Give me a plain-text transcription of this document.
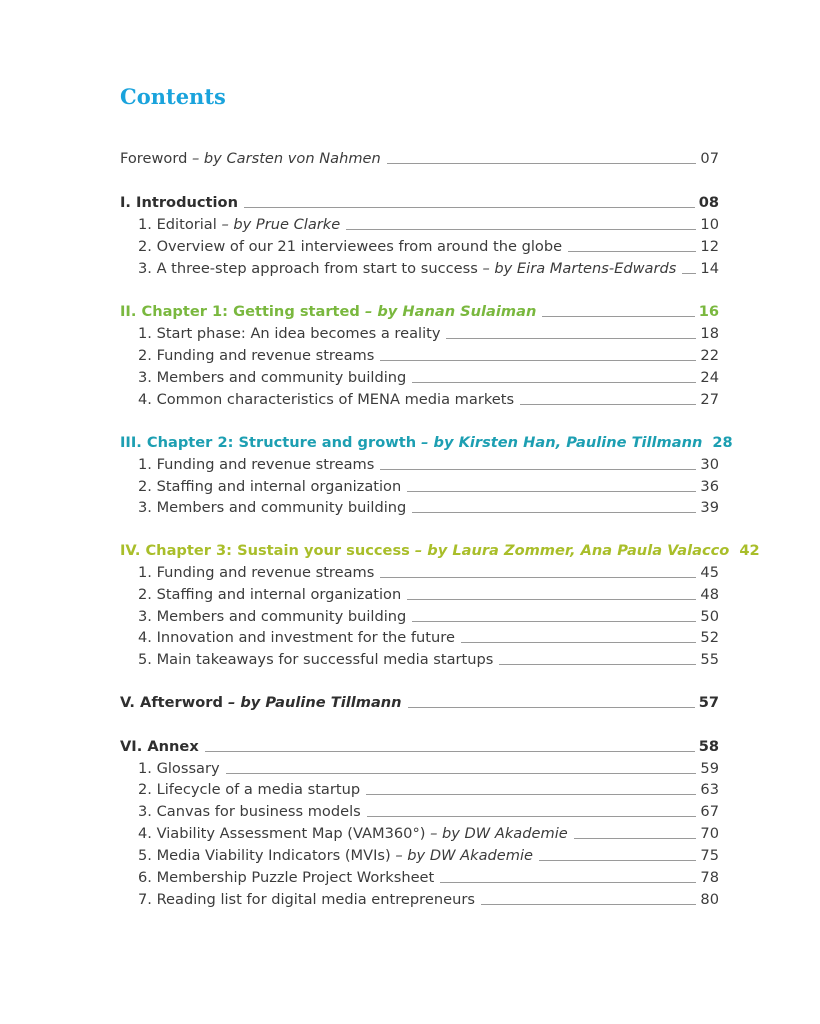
Contents
Foreword – by Carsten von Nahmen	07
I. Introduction	08
1. Editorial – by Prue Clarke	10
2. Overview of our 21 interviewees from around the globe	12
3. A three-step approach from start to success – by Eira Martens-Edwards 14
II. Chapter 1: Getting started – by Hanan Sulaiman	16
1. Start phase: An idea becomes a reality	18
2. Funding and revenue streams	22
3. Members and community building	24
4. Common characteristics of MENA media markets	27
III. Chapter 2: Structure and growth – by Kirsten Han, Pauline Tillmann 28
1. Funding and revenue streams	30
2. Staffing and internal organization	36
3. Members and community building	39
IV. Chapter 3: Sustain your success – by Laura Zommer, Ana Paula Valacco 42
1. Funding and revenue streams	45
2. Staffing and internal organization	48
3. Members and community building	50
4. Innovation and investment for the future	52
5. Main takeaways for successful media startups	55
V. Afterword – by Pauline Tillmann	57
VI. Annex	58
1. Glossary	59
2. Lifecycle of a media startup	63
3. Canvas for business models	67
4. Viability Assessment Map (VAM360°) – by DW Akademie	70
5. Media Viability Indicators (MVIs) – by DW Akademie	75
6. Membership Puzzle Project Worksheet	78
7. Reading list for digital media entrepreneurs	80
